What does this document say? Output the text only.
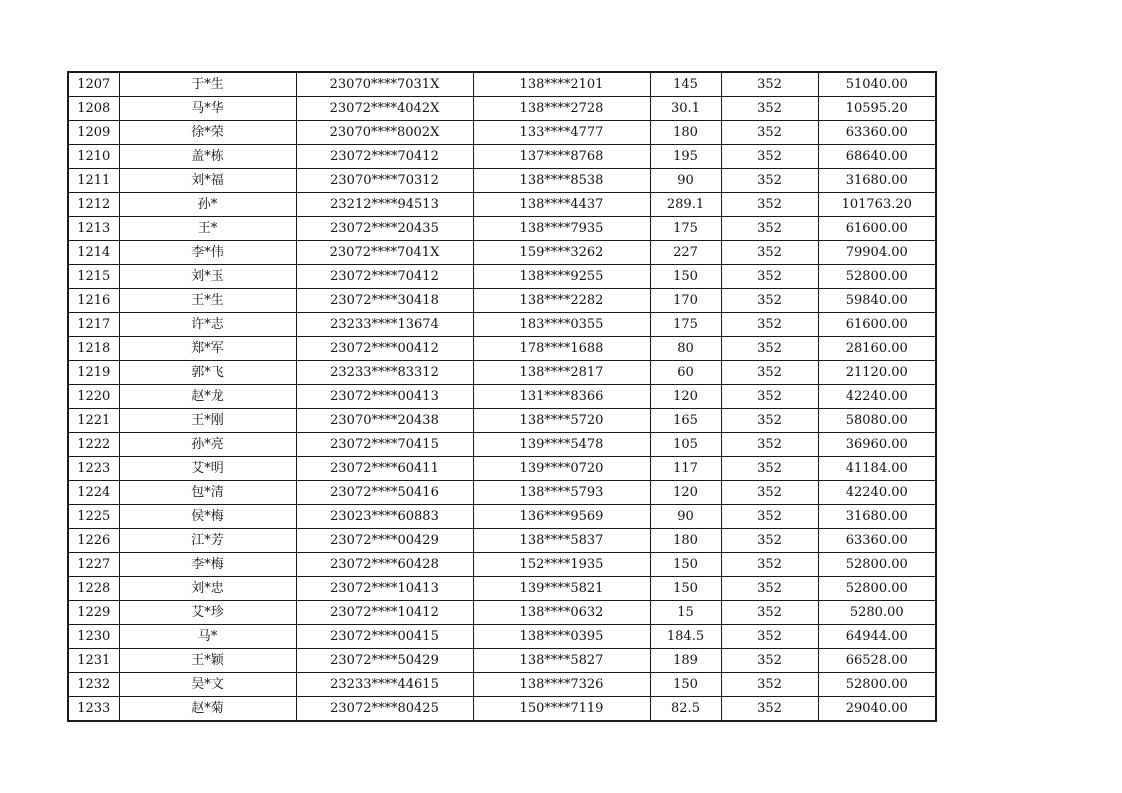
1207	于*生	23070****7031X	138****2101	145	352	51040.00
1208	马*华	23072****4042X	138****2728	30.1	352	10595.20
1209	徐*荣	23070****8002X	133****4777	180	352	63360.00
1210	盖*栋	23072****70412	137****8768	195	352	68640.00
1211	刘*福	23070****70312	138****8538	90	352	31680.00
1212	孙*	23212****94513	138****4437	289.1	352	101763.20
1213	王*	23072****20435	138****7935	175	352	61600.00
1214	李*伟	23072****7041X	159****3262	227	352	79904.00
1215	刘*玉	23072****70412	138****9255	150	352	52800.00
1216	王*生	23072****30418	138****2282	170	352	59840.00
1217	许*志	23233****13674	183****0355	175	352	61600.00
1218	郑*军	23072****00412	178****1688	80	352	28160.00
1219	郭*飞	23233****83312	138****2817	60	352	21120.00
1220	赵*龙	23072****00413	131****8366	120	352	42240.00
1221	王*刚	23070****20438	138****5720	165	352	58080.00
1222	孙*亮	23072****70415	139****5478	105	352	36960.00
1223	艾*明	23072****60411	139****0720	117	352	41184.00
1224	包*清	23072****50416	138****5793	120	352	42240.00
1225	侯*梅	23023****60883	136****9569	90	352	31680.00
1226	江*芳	23072****00429	138****5837	180	352	63360.00
1227	李*梅	23072****60428	152****1935	150	352	52800.00
1228	刘*忠	23072****10413	139****5821	150	352	52800.00
1229	艾*珍	23072****10412	138****0632	15	352	5280.00
1230	马*	23072****00415	138****0395	184.5	352	64944.00
1231	王*颖	23072****50429	138****5827	189	352	66528.00
1232	吴*文	23233****44615	138****7326	150	352	52800.00
1233	赵*菊	23072****80425	150****7119	82.5	352	29040.00
